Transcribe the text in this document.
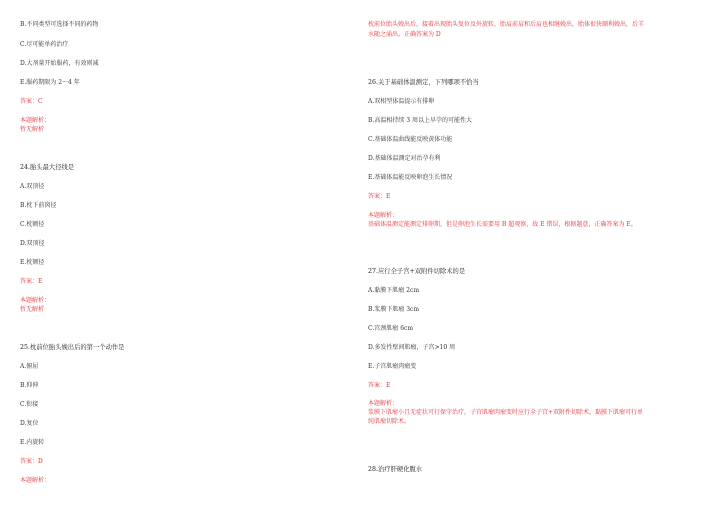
B.不同类型可选择不同的药物
C.尽可能单药治疗
D.大剂量开始服药，有效则减
E.服药期限为 2～4 年
答案：C
本题解析：
暂无解析
24.胎头最大径线是
A.双顶径
B.枕下前囟径
C.枕额径
D.双顶径
E.枕颏径
答案：E
本题解析：
暂无解析
25.枕前位胎头娩出后的第一个动作是
A.俯屈
B.仰伸
C.衔接
D.复位
E.内旋转
答案：D
本题解析：
枕前位胎头娩出后，接着出现胎头复位及外旋转，胎肩前肩和后肩也相继娩出，胎体很快顺利娩出，后羊
水随之涌出。正确答案为 D
26.关于基础体温测定，下列哪项不恰当
A.双相型体温提示有排卵
B.高温相持续 3 周以上早孕的可能性大
C.基础体温曲线能反映黄体功能
D.基础体温测定对治孕有利
E.基础体温能反映卵泡生长情况
答案：E
本题解析：
基础体温测定能测定排卵期，但是卵泡生长需要用 B 超观察，故 E 错误，根据题意，正确答案为 E。
27.应行全子宫+双附件切除术的是
A.黏膜下肌瘤 2cm
B.浆膜下肌瘤 3cm
C.宫颈肌瘤 6cm
D.多发性壁间肌瘤，子宫>10 周
E.子宫肌瘤肉瘤变
答案：E
本题解析：
浆膜下肌瘤小且无症状可行保守治疗，子宫肌瘤肉瘤变时应行全子宫+双附件切除术，黏膜下肌瘤可行单
纯肌瘤切除术。
28.治疗肝硬化腹水
